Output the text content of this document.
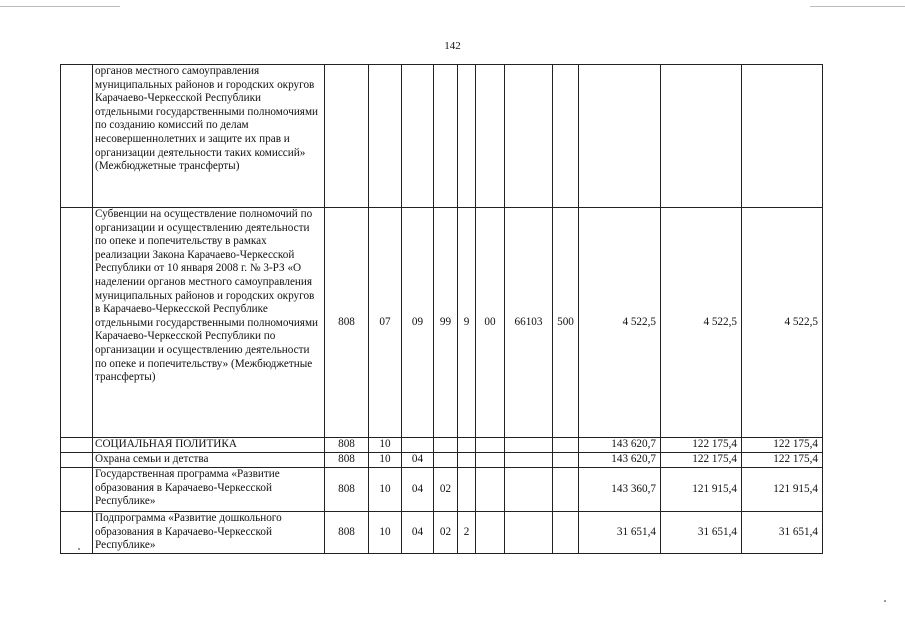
142
	органов местного самоуправления муниципальных районов и городских округов Карачаево-Черкесской Республики отдельными государственными полномочиями по созданию комиссий по делам несовершеннолетних и защите их прав и организации деятельности таких комиссий» (Межбюджетные трансферты)											
	Субвенции на осуществление полномочий по организации и осуществлению деятельности по опеке и попечительству в рамках реализации Закона Карачаево-Черкесской Республики от 10 января 2008 г. № 3-РЗ «О наделении органов местного самоуправления муниципальных районов и городских округов в Карачаево-Черкесской Республике отдельными государственными полномочиями Карачаево-Черкесской Республики по организации и осуществлению деятельности по опеке и попечительству» (Межбюджетные трансферты)	808	07	09	99	9	00	66103	500	4 522,5	4 522,5	4 522,5
	СОЦИАЛЬНАЯ ПОЛИТИКА	808	10							143 620,7	122 175,4	122 175,4
	Охрана семьи и детства	808	10	04						143 620,7	122 175,4	122 175,4
	Государственная программа «Развитие образования в Карачаево-Черкесской Республике»	808	10	04	02					143 360,7	121 915,4	121 915,4
	Подпрограмма «Развитие дошкольного образования в Карачаево-Черкесской Республике»	808	10	04	02	2				31 651,4	31 651,4	31 651,4
